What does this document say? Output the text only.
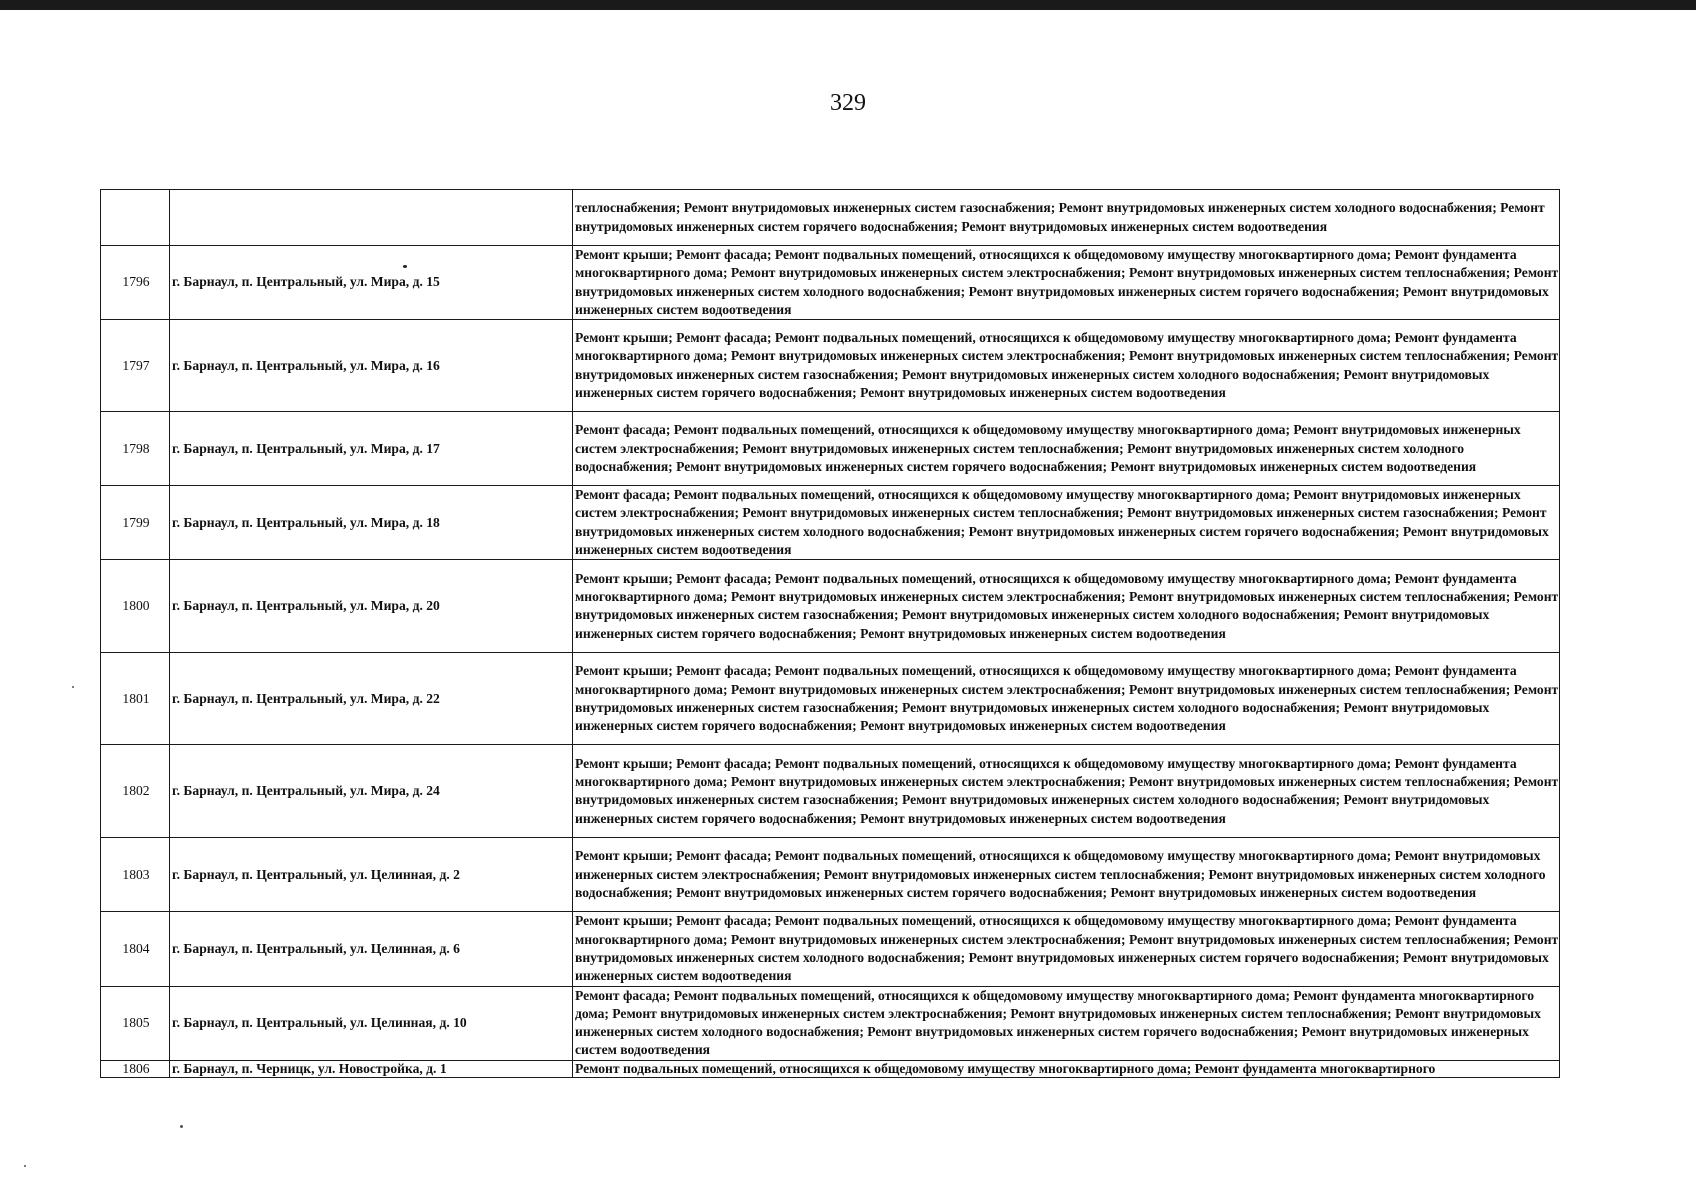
329
		теплоснабжения; Ремонт внутридомовых инженерных систем газоснабжения; Ремонт внутридомовых инженерных систем холодного водоснабжения; Ремонт внутридомовых инженерных систем горячего водоснабжения; Ремонт внутридомовых инженерных систем водоотведения
1796	г. Барнаул, п. Центральный, ул. Мира, д. 15	Ремонт крыши; Ремонт фасада; Ремонт подвальных помещений, относящихся к общедомовому имуществу многоквартирного дома; Ремонт фундамента многоквартирного дома; Ремонт внутридомовых инженерных систем электроснабжения; Ремонт внутридомовых инженерных систем теплоснабжения; Ремонт внутридомовых инженерных систем холодного водоснабжения; Ремонт внутридомовых инженерных систем горячего водоснабжения; Ремонт внутридомовых инженерных систем водоотведения
1797	г. Барнаул, п. Центральный, ул. Мира, д. 16	Ремонт крыши; Ремонт фасада; Ремонт подвальных помещений, относящихся к общедомовому имуществу многоквартирного дома; Ремонт фундамента многоквартирного дома; Ремонт внутридомовых инженерных систем электроснабжения; Ремонт внутридомовых инженерных систем теплоснабжения; Ремонт внутридомовых инженерных систем газоснабжения; Ремонт внутридомовых инженерных систем холодного водоснабжения; Ремонт внутридомовых инженерных систем горячего водоснабжения; Ремонт внутридомовых инженерных систем водоотведения
1798	г. Барнаул, п. Центральный, ул. Мира, д. 17	Ремонт фасада; Ремонт подвальных помещений, относящихся к общедомовому имуществу многоквартирного дома; Ремонт внутридомовых инженерных систем электроснабжения; Ремонт внутридомовых инженерных систем теплоснабжения; Ремонт внутридомовых инженерных систем холодного водоснабжения; Ремонт внутридомовых инженерных систем горячего водоснабжения; Ремонт внутридомовых инженерных систем водоотведения
1799	г. Барнаул, п. Центральный, ул. Мира, д. 18	Ремонт фасада; Ремонт подвальных помещений, относящихся к общедомовому имуществу многоквартирного дома; Ремонт внутридомовых инженерных систем электроснабжения; Ремонт внутридомовых инженерных систем теплоснабжения; Ремонт внутридомовых инженерных систем газоснабжения; Ремонт внутридомовых инженерных систем холодного водоснабжения; Ремонт внутридомовых инженерных систем горячего водоснабжения; Ремонт внутридомовых инженерных систем водоотведения
1800	г. Барнаул, п. Центральный, ул. Мира, д. 20	Ремонт крыши; Ремонт фасада; Ремонт подвальных помещений, относящихся к общедомовому имуществу многоквартирного дома; Ремонт фундамента многоквартирного дома; Ремонт внутридомовых инженерных систем электроснабжения; Ремонт внутридомовых инженерных систем теплоснабжения; Ремонт внутридомовых инженерных систем газоснабжения; Ремонт внутридомовых инженерных систем холодного водоснабжения; Ремонт внутридомовых инженерных систем горячего водоснабжения; Ремонт внутридомовых инженерных систем водоотведения
1801	г. Барнаул, п. Центральный, ул. Мира, д. 22	Ремонт крыши; Ремонт фасада; Ремонт подвальных помещений, относящихся к общедомовому имуществу многоквартирного дома; Ремонт фундамента многоквартирного дома; Ремонт внутридомовых инженерных систем электроснабжения; Ремонт внутридомовых инженерных систем теплоснабжения; Ремонт внутридомовых инженерных систем газоснабжения; Ремонт внутридомовых инженерных систем холодного водоснабжения; Ремонт внутридомовых инженерных систем горячего водоснабжения; Ремонт внутридомовых инженерных систем водоотведения
1802	г. Барнаул, п. Центральный, ул. Мира, д. 24	Ремонт крыши; Ремонт фасада; Ремонт подвальных помещений, относящихся к общедомовому имуществу многоквартирного дома; Ремонт фундамента многоквартирного дома; Ремонт внутридомовых инженерных систем электроснабжения; Ремонт внутридомовых инженерных систем теплоснабжения; Ремонт внутридомовых инженерных систем газоснабжения; Ремонт внутридомовых инженерных систем холодного водоснабжения; Ремонт внутридомовых инженерных систем горячего водоснабжения; Ремонт внутридомовых инженерных систем водоотведения
1803	г. Барнаул, п. Центральный, ул. Целинная, д. 2	Ремонт крыши; Ремонт фасада; Ремонт подвальных помещений, относящихся к общедомовому имуществу многоквартирного дома; Ремонт внутридомовых инженерных систем электроснабжения; Ремонт внутридомовых инженерных систем теплоснабжения; Ремонт внутридомовых инженерных систем холодного водоснабжения; Ремонт внутридомовых инженерных систем горячего водоснабжения; Ремонт внутридомовых инженерных систем водоотведения
1804	г. Барнаул, п. Центральный, ул. Целинная, д. 6	Ремонт крыши; Ремонт фасада; Ремонт подвальных помещений, относящихся к общедомовому имуществу многоквартирного дома; Ремонт фундамента многоквартирного дома; Ремонт внутридомовых инженерных систем электроснабжения; Ремонт внутридомовых инженерных систем теплоснабжения; Ремонт внутридомовых инженерных систем холодного водоснабжения; Ремонт внутридомовых инженерных систем горячего водоснабжения; Ремонт внутридомовых инженерных систем водоотведения
1805	г. Барнаул, п. Центральный, ул. Целинная, д. 10	Ремонт фасада; Ремонт подвальных помещений, относящихся к общедомовому имуществу многоквартирного дома; Ремонт фундамента многоквартирного дома; Ремонт внутридомовых инженерных систем электроснабжения; Ремонт внутридомовых инженерных систем теплоснабжения; Ремонт внутридомовых инженерных систем холодного водоснабжения; Ремонт внутридомовых инженерных систем горячего водоснабжения; Ремонт внутридомовых инженерных систем водоотведения
1806	г. Барнаул, п. Черницк, ул. Новостройка, д. 1	Ремонт подвальных помещений, относящихся к общедомовому имуществу многоквартирного дома; Ремонт фундамента многоквартирного
